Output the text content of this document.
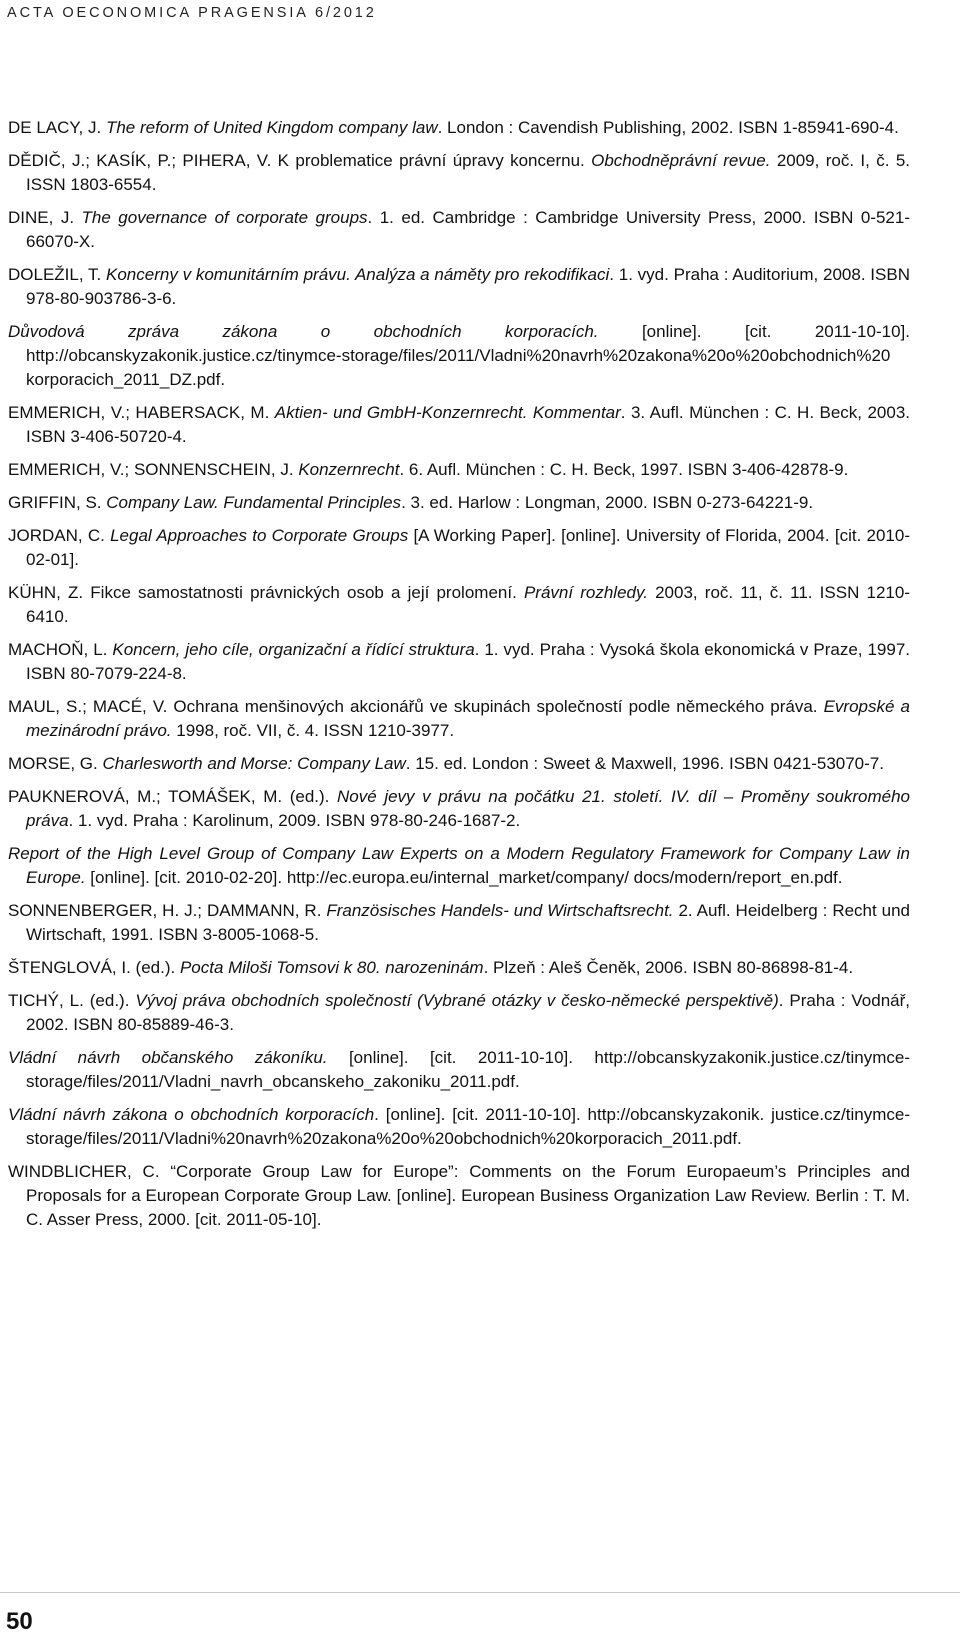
ACTA OECONOMICA PRAGENSIA 6/2012
DE LACY, J. The reform of United Kingdom company law. London : Cavendish Publishing, 2002. ISBN 1-85941-690-4.
DĚDIČ, J.; KASÍK, P.; PIHERA, V. K problematice právní úpravy koncernu. Obchodněprávní revue. 2009, roč. I, č. 5. ISSN 1803-6554.
DINE, J. The governance of corporate groups. 1. ed. Cambridge : Cambridge University Press, 2000. ISBN 0-521-66070-X.
DOLEŽIL, T. Koncerny v komunitárním právu. Analýza a náměty pro rekodifikaci. 1. vyd. Praha : Auditorium, 2008. ISBN 978-80-903786-3-6.
Důvodová zpráva zákona o obchodních korporacích. [online]. [cit. 2011-10-10]. http://obcanskyzakonik.justice.cz/tinymce-storage/files/2011/Vladni%20navrh%20zakona%20o%20obchodnich%20 korporacich_2011_DZ.pdf.
EMMERICH, V.; HABERSACK, M. Aktien- und GmbH-Konzernrecht. Kommentar. 3. Aufl. München : C. H. Beck, 2003. ISBN 3-406-50720-4.
EMMERICH, V.; SONNENSCHEIN, J. Konzernrecht. 6. Aufl. München : C. H. Beck, 1997. ISBN 3-406-42878-9.
GRIFFIN, S. Company Law. Fundamental Principles. 3. ed. Harlow : Longman, 2000. ISBN 0-273-64221-9.
JORDAN, C. Legal Approaches to Corporate Groups [A Working Paper]. [online]. University of Florida, 2004. [cit. 2010-02-01].
KÜHN, Z. Fikce samostatnosti právnických osob a její prolomení. Právní rozhledy. 2003, roč. 11, č. 11. ISSN 1210-6410.
MACHOŇ, L. Koncern, jeho cíle, organizační a řídící struktura. 1. vyd. Praha : Vysoká škola ekonomická v Praze, 1997. ISBN 80-7079-224-8.
MAUL, S.; MACÉ, V. Ochrana menšinových akcionářů ve skupinách společností podle německého práva. Evropské a mezinárodní právo. 1998, roč. VII, č. 4. ISSN 1210-3977.
MORSE, G. Charlesworth and Morse: Company Law. 15. ed. London : Sweet & Maxwell, 1996. ISBN 0421-53070-7.
PAUKNEROVÁ, M.; TOMÁŠEK, M. (ed.). Nové jevy v právu na počátku 21. století. IV. díl – Proměny soukromého práva. 1. vyd. Praha : Karolinum, 2009. ISBN 978-80-246-1687-2.
Report of the High Level Group of Company Law Experts on a Modern Regulatory Framework for Company Law in Europe. [online]. [cit. 2010-02-20]. http://ec.europa.eu/internal_market/company/ docs/modern/report_en.pdf.
SONNENBERGER, H. J.; DAMMANN, R. Französisches Handels- und Wirtschaftsrecht. 2. Aufl. Heidelberg : Recht und Wirtschaft, 1991. ISBN 3-8005-1068-5.
ŠTENGLOVÁ, I. (ed.). Pocta Miloši Tomsovi k 80. narozeninám. Plzeň : Aleš Čeněk, 2006. ISBN 80-86898-81-4.
TICHÝ, L. (ed.). Vývoj práva obchodních společností (Vybrané otázky v česko-německé perspektivě). Praha : Vodnář, 2002. ISBN 80-85889-46-3.
Vládní návrh občanského zákoníku. [online]. [cit. 2011-10-10]. http://obcanskyzakonik.justice.cz/tinymce-storage/files/2011/Vladni_navrh_obcanskeho_zakoniku_2011.pdf.
Vládní návrh zákona o obchodních korporacích. [online]. [cit. 2011-10-10]. http://obcanskyzakonik. justice.cz/tinymce-storage/files/2011/Vladni%20navrh%20zakona%20o%20obchodnich%20korporacich_2011.pdf.
WINDBLICHER, C. “Corporate Group Law for Europe”: Comments on the Forum Europaeum’s Principles and Proposals for a European Corporate Group Law. [online]. European Business Organization Law Review. Berlin : T. M. C. Asser Press, 2000. [cit. 2011-05-10].
50
